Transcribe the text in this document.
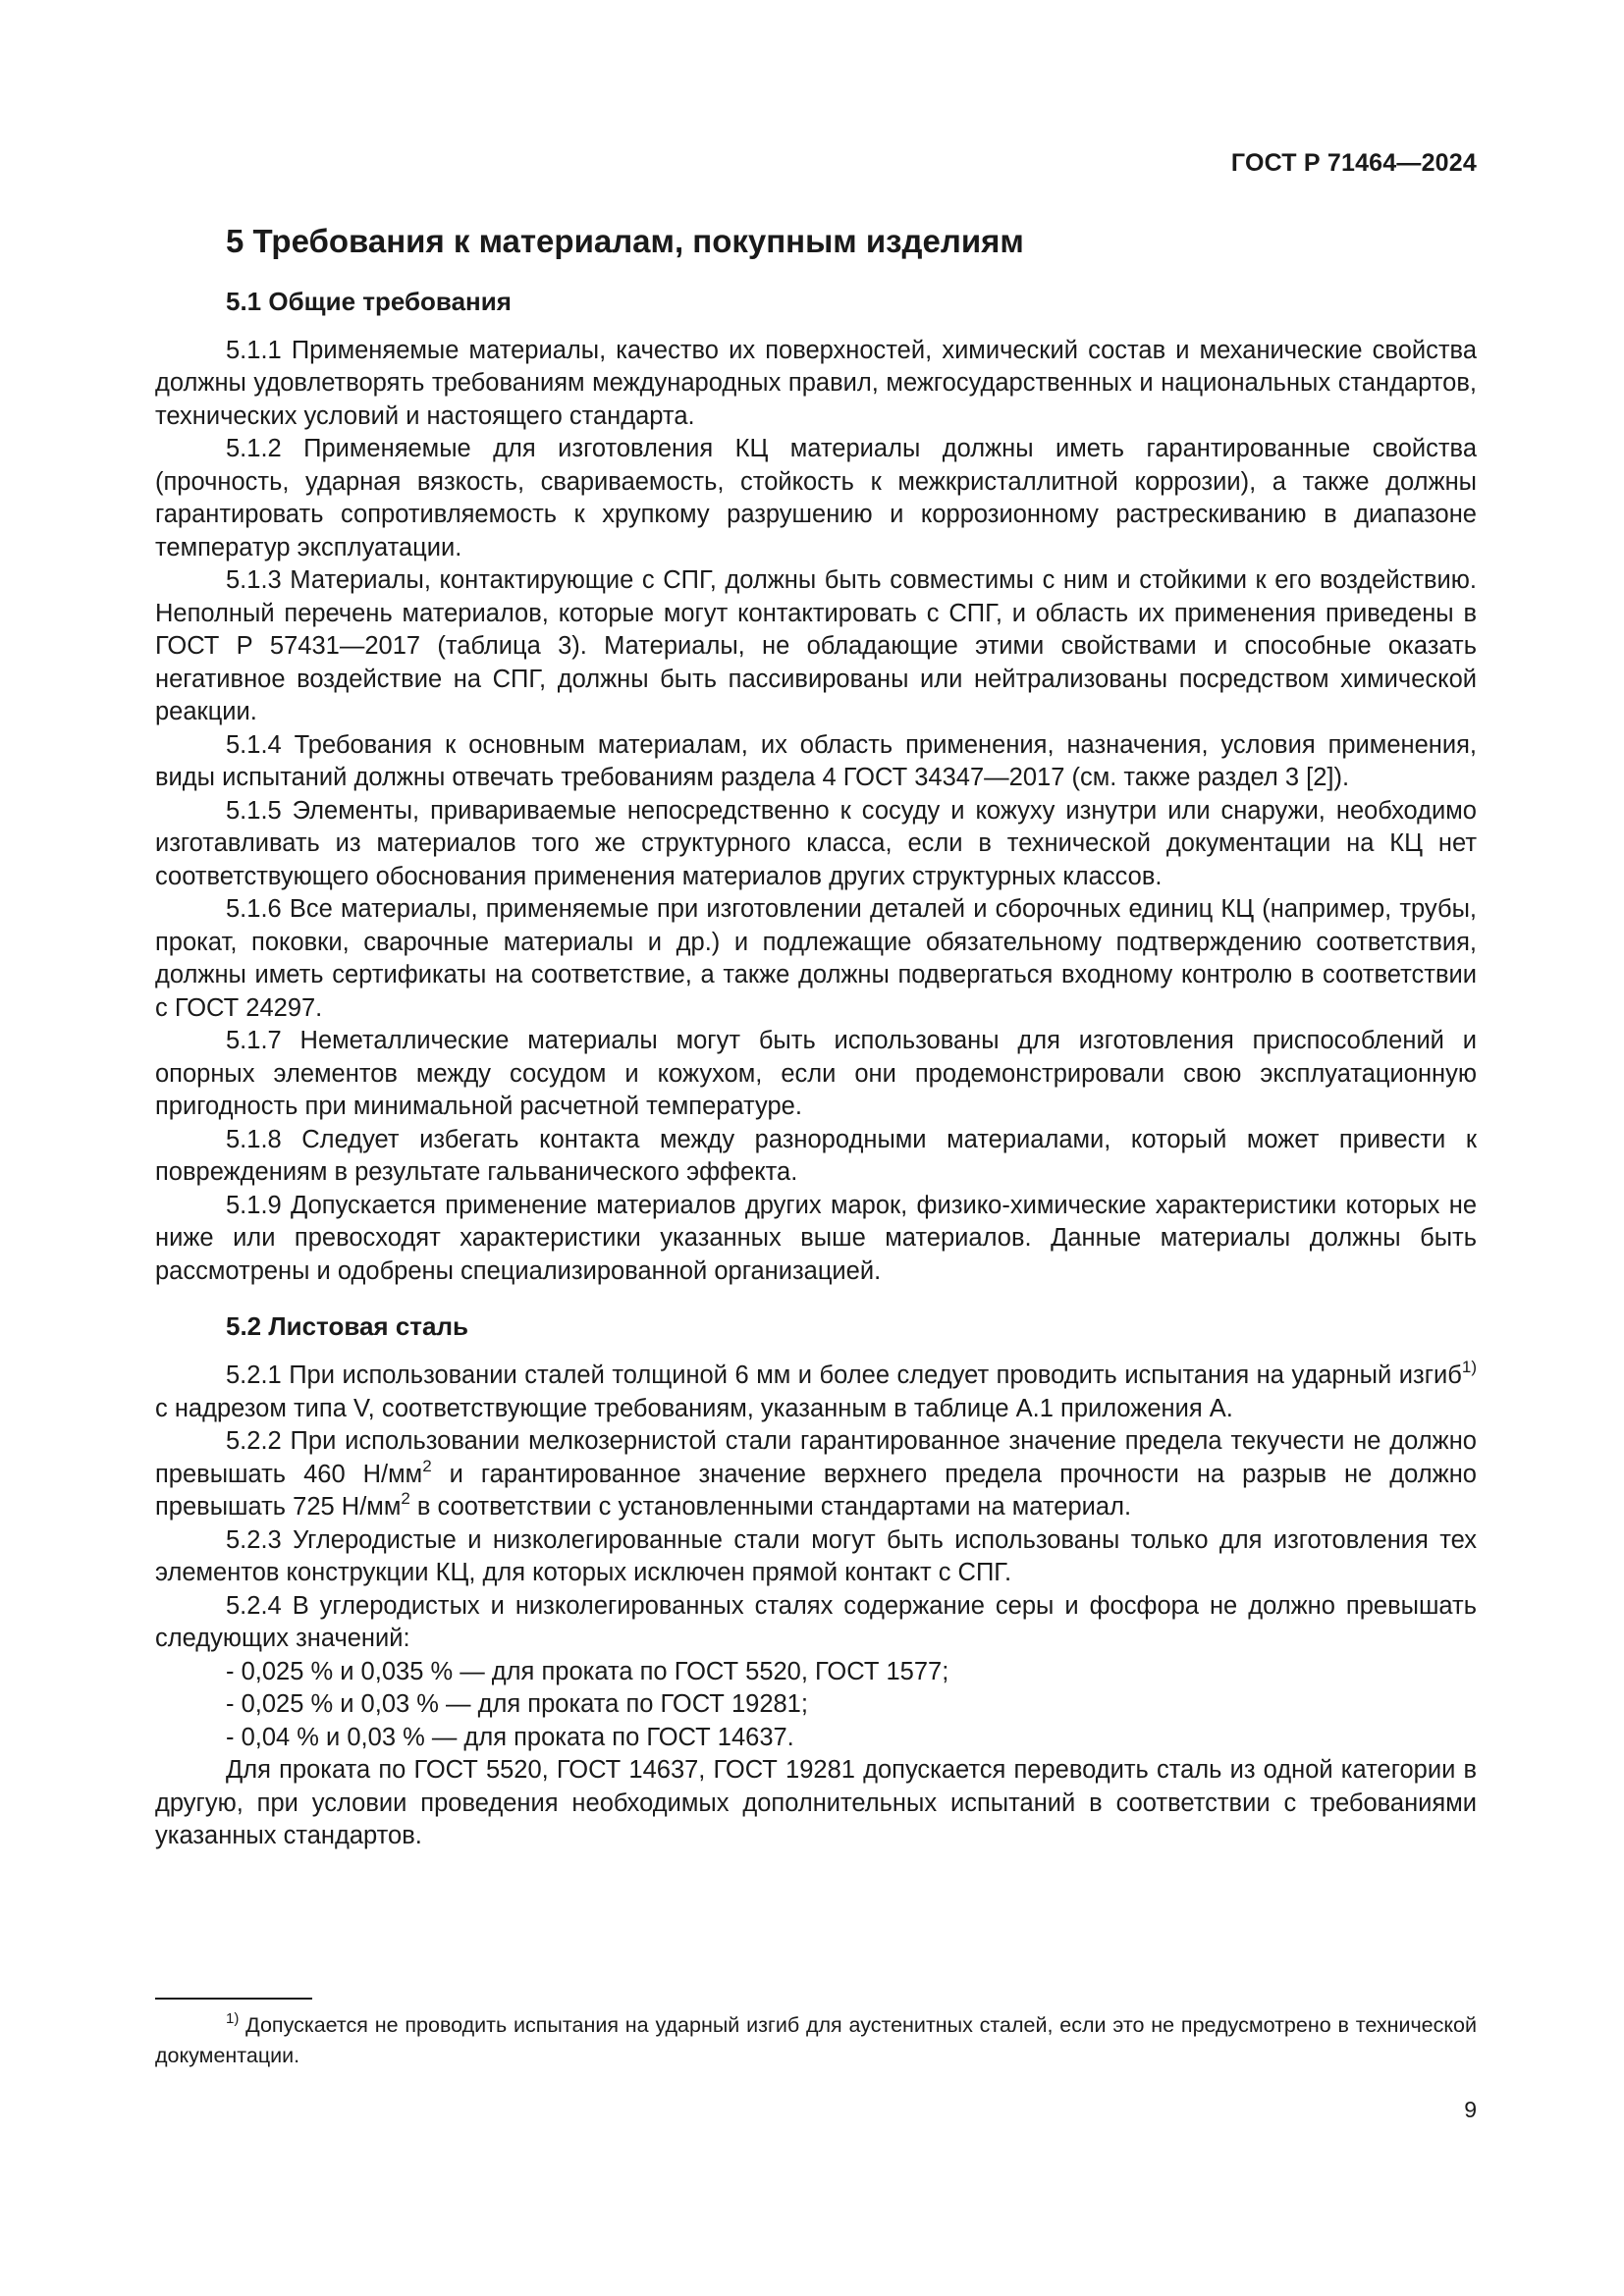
ГОСТ Р 71464—2024
5 Требования к материалам, покупным изделиям
5.1 Общие требования

5.1.1 Применяемые материалы, качество их поверхностей, химический состав и механические свойства должны удовлетворять требованиям международных правил, межгосударственных и национальных стандартов, технических условий и настоящего стандарта.

5.1.2 Применяемые для изготовления КЦ материалы должны иметь гарантированные свойства (прочность, ударная вязкость, свариваемость, стойкость к межкристаллитной коррозии), а также должны гарантировать сопротивляемость к хрупкому разрушению и коррозионному растрескиванию в диапазоне температур эксплуатации.

5.1.3 Материалы, контактирующие с СПГ, должны быть совместимы с ним и стойкими к его воздействию. Неполный перечень материалов, которые могут контактировать с СПГ, и область их применения приведены в ГОСТ Р 57431—2017 (таблица 3). Материалы, не обладающие этими свойствами и способные оказать негативное воздействие на СПГ, должны быть пассивированы или нейтрализованы посредством химической реакции.

5.1.4 Требования к основным материалам, их область применения, назначения, условия применения, виды испытаний должны отвечать требованиям раздела 4 ГОСТ 34347—2017 (см. также раздел 3 [2]).

5.1.5 Элементы, привариваемые непосредственно к сосуду и кожуху изнутри или снаружи, необходимо изготавливать из материалов того же структурного класса, если в технической документации на КЦ нет соответствующего обоснования применения материалов других структурных классов.

5.1.6 Все материалы, применяемые при изготовлении деталей и сборочных единиц КЦ (например, трубы, прокат, поковки, сварочные материалы и др.) и подлежащие обязательному подтверждению соответствия, должны иметь сертификаты на соответствие, а также должны подвергаться входному контролю в соответствии с ГОСТ 24297.

5.1.7 Неметаллические материалы могут быть использованы для изготовления приспособлений и опорных элементов между сосудом и кожухом, если они продемонстрировали свою эксплуатационную пригодность при минимальной расчетной температуре.

5.1.8 Следует избегать контакта между разнородными материалами, который может привести к повреждениям в результате гальванического эффекта.

5.1.9 Допускается применение материалов других марок, физико-химические характеристики которых не ниже или превосходят характеристики указанных выше материалов. Данные материалы должны быть рассмотрены и одобрены специализированной организацией.

5.2 Листовая сталь

5.2.1 При использовании сталей толщиной 6 мм и более следует проводить испытания на ударный изгиб$^{1)}$ с надрезом типа V, соответствующие требованиям, указанным в таблице А.1 приложения А.

5.2.2 При использовании мелкозернистой стали гарантированное значение предела текучести не должно превышать 460 $Н/мм^2$ и гарантированное значение верхнего предела прочности на разрыв не должно превышать 725 $Н/мм^2$ в соответствии с установленными стандартами на материал.

5.2.3 Углеродистые и низколегированные стали могут быть использованы только для изготовления тех элементов конструкции КЦ, для которых исключен прямой контакт с СПГ.

5.2.4 В углеродистых и низколегированных сталях содержание серы и фосфора не должно превышать следующих значений:

- 0,025 % и 0,035 % — для проката по ГОСТ 5520, ГОСТ 1577;
- 0,025 % и 0,03 % — для проката по ГОСТ 19281;
- 0,04 % и 0,03 % — для проката по ГОСТ 14637.

Для проката по ГОСТ 5520, ГОСТ 14637, ГОСТ 19281 допускается переводить сталь из одной категории в другую, при условии проведения необходимых дополнительных испытаний в соответствии с требованиями указанных стандартов.

$^{1)}$ Допускается не проводить испытания на ударный изгиб для аустенитных сталей, если это не предусмотрено в технической документации.
9
